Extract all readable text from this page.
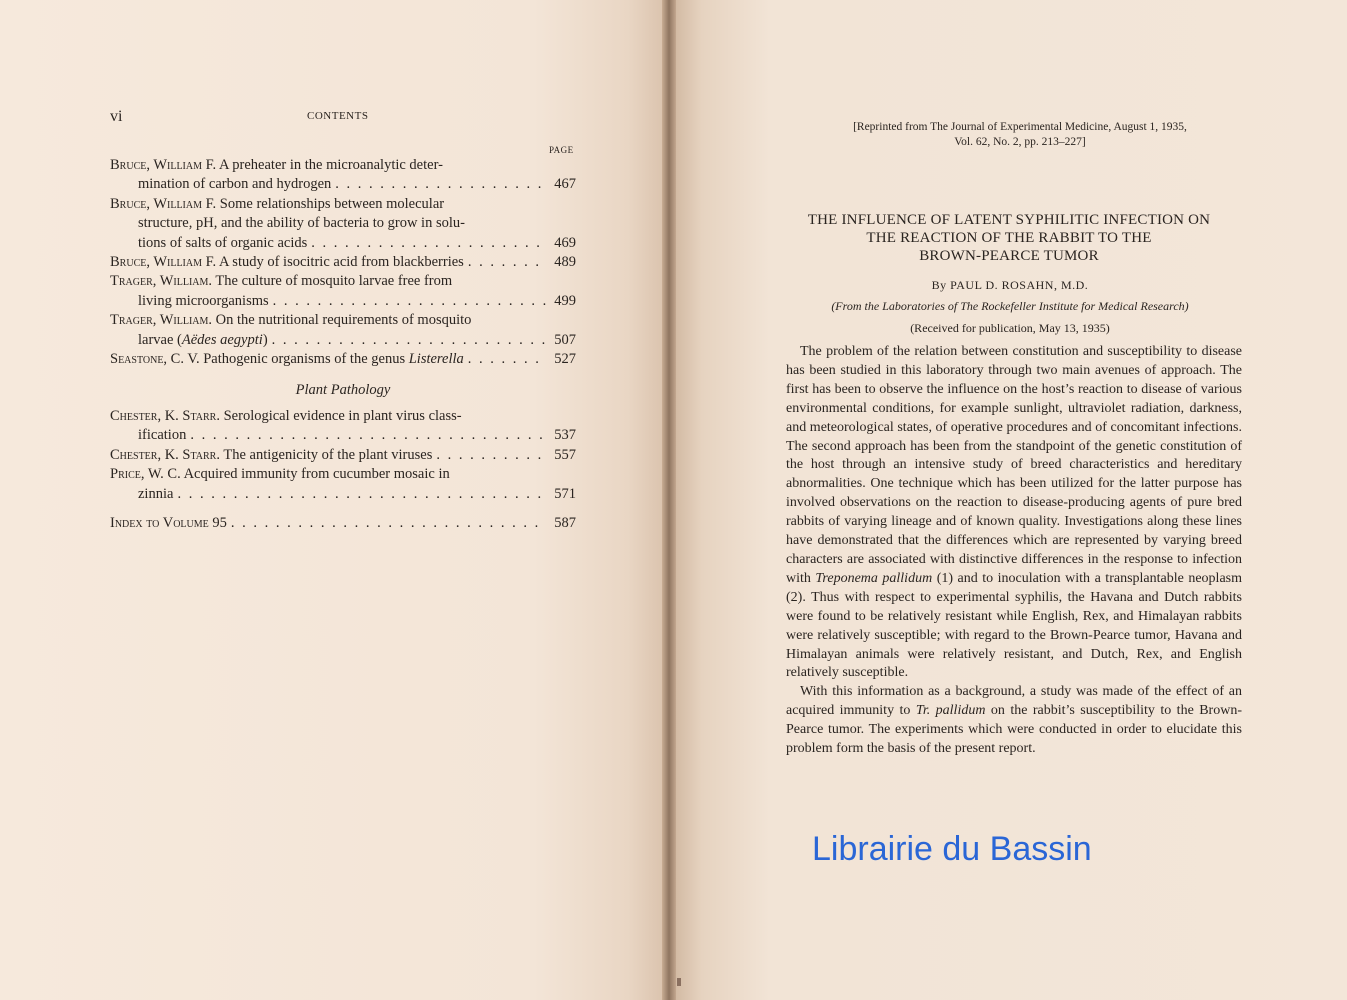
vi	CONTENTS
PAGE
Bruce, William F. A preheater in the microanalytic deter-
mination of carbon and hydrogen . . .	467
Bruce, William F. Some relationships between molecular
structure, pH, and the ability of bacteria to grow in solu-
tions of salts of organic acids . . .	469
Bruce, William F. A study of isocitric acid from blackberries . . .	489
Trager, William. The culture of mosquito larvae free from
living microorganisms . . .	499
Trager, William. On the nutritional requirements of mosquito
larvae (Aëdes aegypti) . . .	507
Seastone, C. V. Pathogenic organisms of the genus Listerella . . .	527
Plant Pathology
Chester, K. Starr. Serological evidence in plant virus class-
ification . . .	537
Chester, K. Starr. The antigenicity of the plant viruses . . .	557
Price, W. C. Acquired immunity from cucumber mosaic in
zinnia . . .	571
Index to Volume 95 . . .	587
[Reprinted from The Journal of Experimental Medicine, August 1, 1935,
Vol. 62, No. 2, pp. 213–227]
THE INFLUENCE OF LATENT SYPHILITIC INFECTION ON
THE REACTION OF THE RABBIT TO THE
BROWN-PEARCE TUMOR
By PAUL D. ROSAHN, M.D.
(From the Laboratories of The Rockefeller Institute for Medical Research)
(Received for publication, May 13, 1935)

The problem of the relation between constitution and susceptibility to disease has been studied in this laboratory through two main avenues of approach. The first has been to observe the influence on the host’s reaction to disease of various environmental conditions, for example sunlight, ultraviolet radiation, darkness, and meteorological states, of operative procedures and of concomitant infections. The second approach has been from the standpoint of the genetic constitution of the host through an intensive study of breed characteristics and hereditary abnormalities. One technique which has been utilized for the latter purpose has involved observations on the reaction to disease-producing agents of pure bred rabbits of varying lineage and of known quality. Investigations along these lines have demonstrated that the differences which are represented by varying breed characters are associated with distinctive differences in the response to infection with Treponema pallidum (1) and to inoculation with a transplantable neoplasm (2). Thus with respect to experimental syphilis, the Havana and Dutch rabbits were found to be relatively resistant while English, Rex, and Himalayan rabbits were relatively susceptible; with regard to the Brown-Pearce tumor, Havana and Himalayan animals were relatively resistant, and Dutch, Rex, and English relatively susceptible.

With this information as a background, a study was made of the effect of an acquired immunity to Tr. pallidum on the rabbit’s susceptibility to the Brown-Pearce tumor. The experiments which were conducted in order to elucidate this problem form the basis of the present report.

Librairie du Bassin
